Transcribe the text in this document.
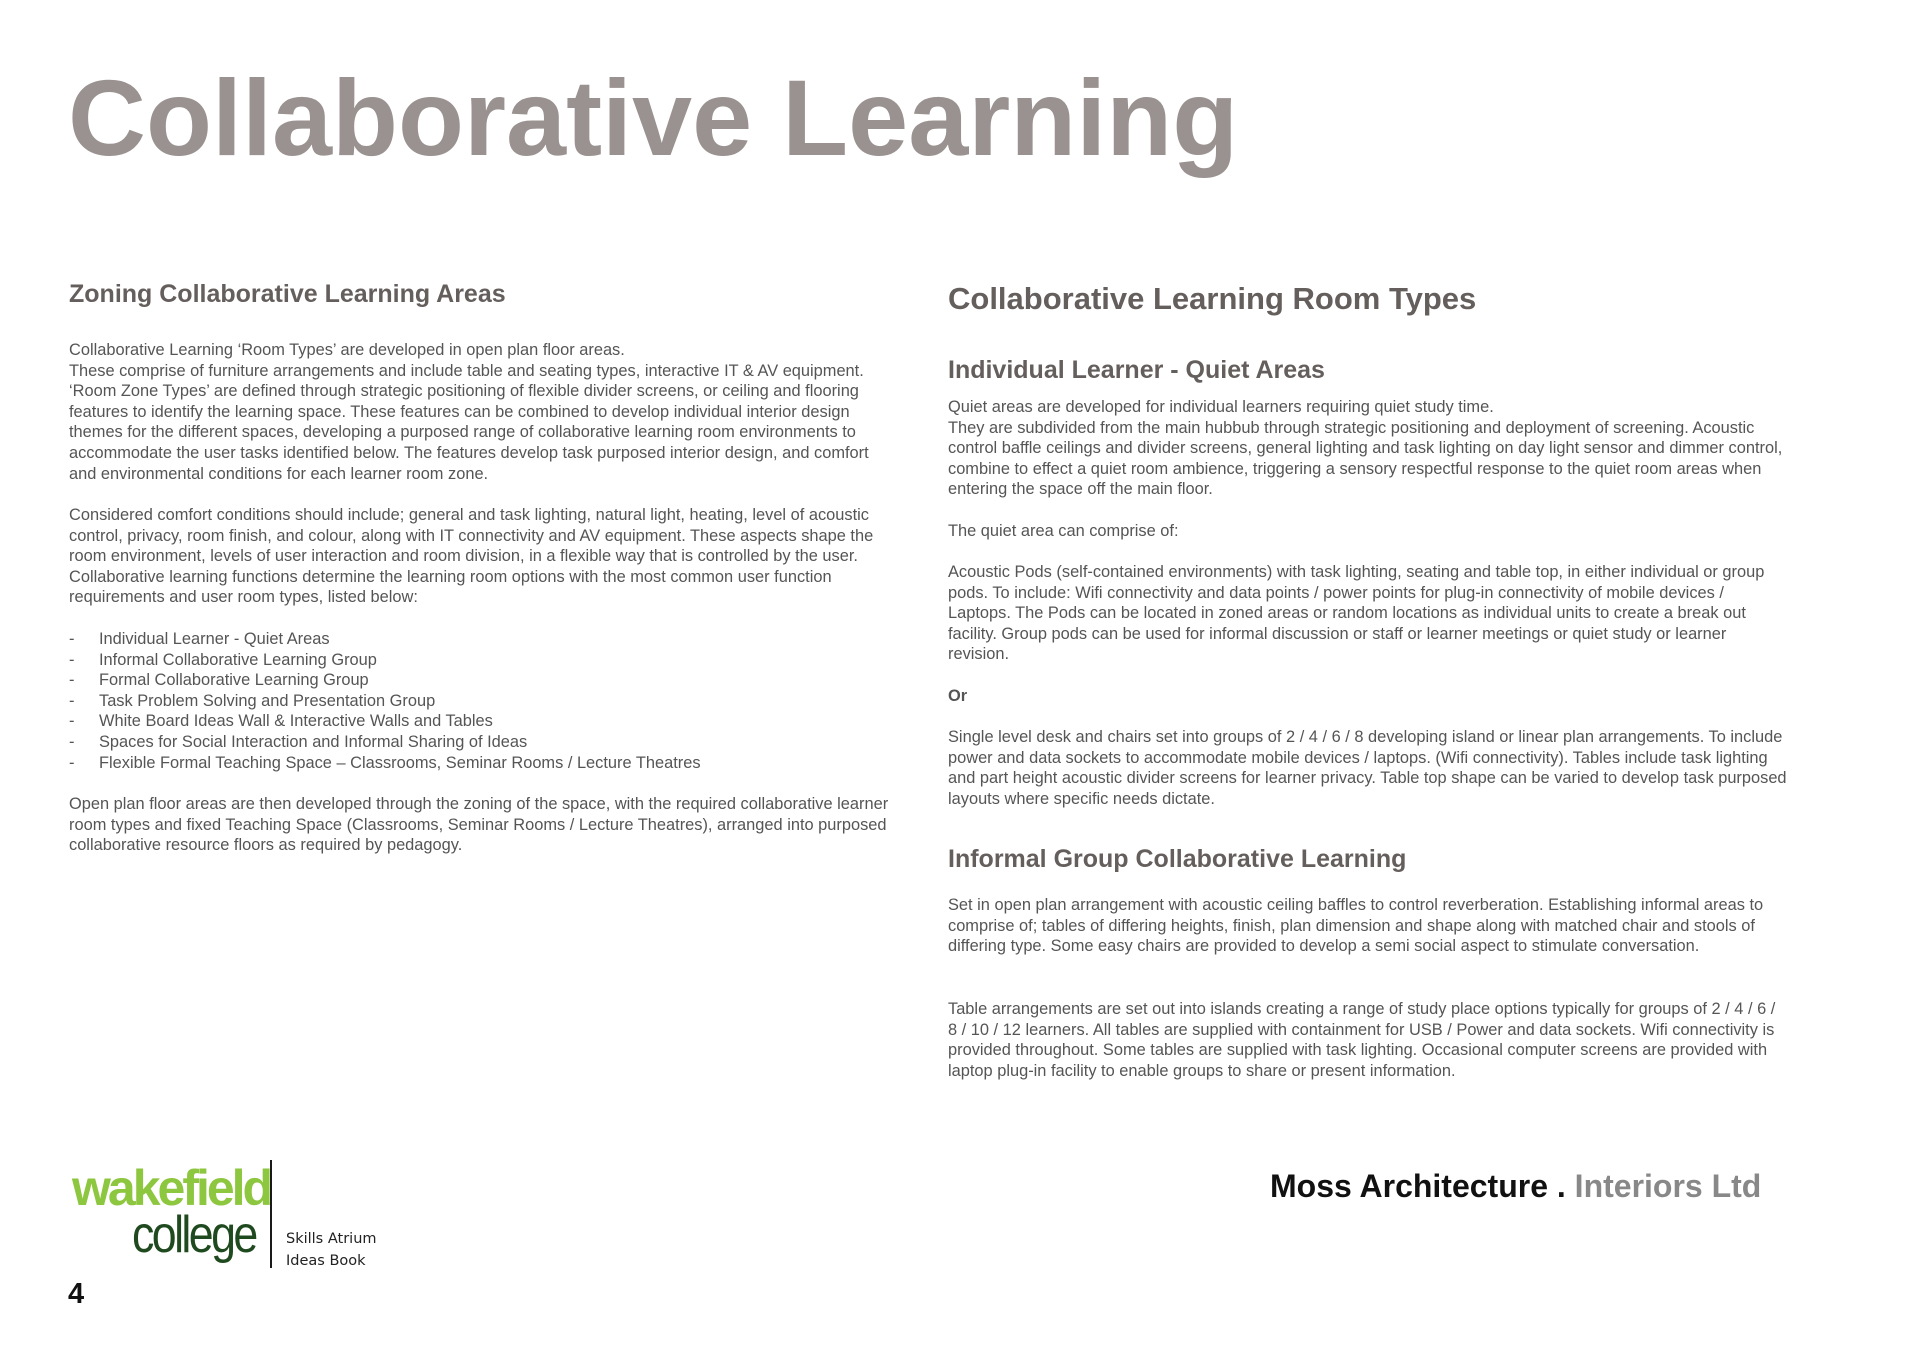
Collaborative Learning
Zoning Collaborative Learning Areas

Collaborative Learning ‘Room Types’ are developed in open plan floor areas.

These comprise of furniture arrangements and include table and seating types, interactive IT & AV equipment. ‘Room Zone Types’ are defined through strategic positioning of flexible divider screens, or ceiling and flooring features to identify the learning space. These features can be combined to develop individual interior design themes for the different spaces, developing a purposed range of collaborative learning room environments to accommodate the user tasks identified below. The features develop task purposed interior design, and comfort and environmental conditions for each learner room zone.

Considered comfort conditions should include; general and task lighting, natural light, heating, level of acoustic control, privacy, room finish, and colour, along with IT connectivity and AV equipment. These aspects shape the room environment, levels of user interaction and room division, in a flexible way that is controlled by the user. Collaborative learning functions determine the learning room options with the most common user function requirements and user room types, listed below:

- Individual Learner - Quiet Areas
- Informal Collaborative Learning Group
- Formal Collaborative Learning Group
- Task Problem Solving and Presentation Group
- White Board Ideas Wall & Interactive Walls and Tables
- Spaces for Social Interaction and Informal Sharing of Ideas
- Flexible Formal Teaching Space – Classrooms, Seminar Rooms / Lecture Theatres

Open plan floor areas are then developed through the zoning of the space, with the required collaborative learner room types and fixed Teaching Space (Classrooms, Seminar Rooms / Lecture Theatres), arranged into purposed collaborative resource floors as required by pedagogy.

Collaborative Learning Room Types
Individual Learner - Quiet Areas

Quiet areas are developed for individual learners requiring quiet study time.

They are subdivided from the main hubbub through strategic positioning and deployment of screening. Acoustic control baffle ceilings and divider screens, general lighting and task lighting on day light sensor and dimmer control, combine to effect a quiet room ambience, triggering a sensory respectful response to the quiet room areas when entering the space off the main floor.

The quiet area can comprise of:

Acoustic Pods (self-contained environments) with task lighting, seating and table top, in either individual or group pods. To include: Wifi connectivity and data points / power points for plug-in connectivity of mobile devices / Laptops. The Pods can be located in zoned areas or random locations as individual units to create a break out facility. Group pods can be used for informal discussion or staff or learner meetings or quiet study or learner revision.

Or

Single level desk and chairs set into groups of 2 / 4 / 6 / 8 developing island or linear plan arrangements. To include power and data sockets to accommodate mobile devices / laptops. (Wifi connectivity). Tables include task lighting and part height acoustic divider screens for learner privacy. Table top shape can be varied to develop task purposed layouts where specific needs dictate.

Informal Group Collaborative Learning

Set in open plan arrangement with acoustic ceiling baffles to control reverberation. Establishing informal areas to comprise of; tables of differing heights, finish, plan dimension and shape along with matched chair and stools of differing type. Some easy chairs are provided to develop a semi social aspect to stimulate conversation.

Table arrangements are set out into islands creating a range of study place options typically for groups of 2 / 4 / 6 / 8 / 10 / 12 learners. All tables are supplied with containment for USB / Power and data sockets. Wifi connectivity is provided throughout. Some tables are supplied with task lighting. Occasional computer screens are provided with laptop plug-in facility to enable groups to share or present information.

wakefield
college Skills Atrium
Ideas Book
4
Moss Architecture . Interiors Ltd
